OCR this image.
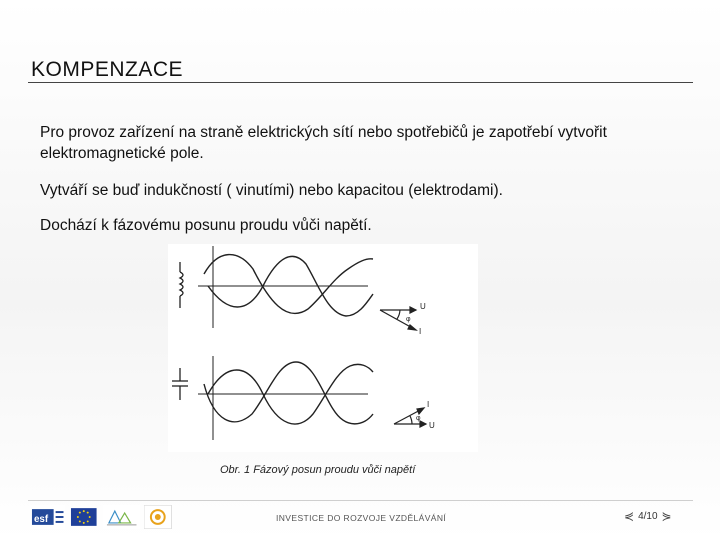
KOMPENZACE
Pro provoz zařízení na straně elektrických sítí nebo spotřebičů je zapotřebí vytvořit elektromagnetické pole.
Vytváří se buď indukčností ( vinutími) nebo kapacitou (elektrodami).
Dochází k fázovému posunu proudu vůči napětí.
U
φ
I
I
φ
U
Obr. 1 Fázový posun proudu vůči napětí
esf	INVESTICE DO ROZVOJE VZDĚLÁVÁNÍ	⋞ 4/10 ⋟
